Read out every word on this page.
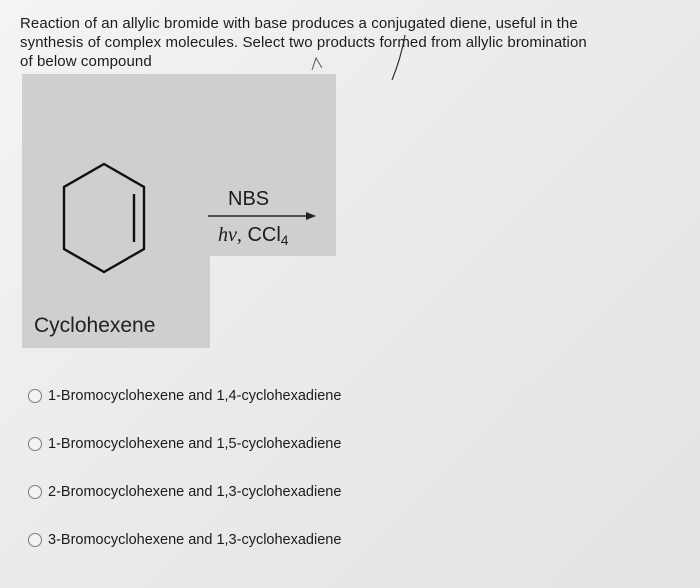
Reaction of an allylic bromide with base produces a conjugated diene, useful in the

synthesis of complex molecules. Select two products formed from allylic bromination

of below compound

NBS
hν, CCl$_4$
Cyclohexene
1-Bromocyclohexene and 1,4-cyclohexadiene
1-Bromocyclohexene and 1,5-cyclohexadiene
2-Bromocyclohexene and 1,3-cyclohexadiene
3-Bromocyclohexene and 1,3-cyclohexadiene
